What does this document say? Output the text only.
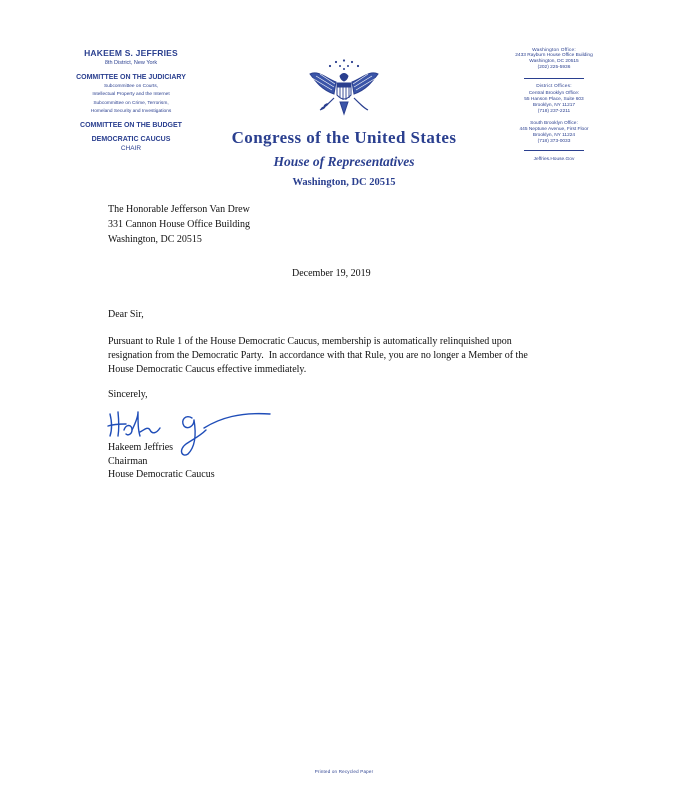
HAKEEM S. JEFFRIES
8th District, New York
COMMITTEE ON THE JUDICIARY
Subcommittee on Courts,
Intellectual Property and the Internet
Subcommittee on Crime, Terrorism,
Homeland Security and Investigations
COMMITTEE ON THE BUDGET
DEMOCRATIC CAUCUS
CHAIR
Washington Office:
2433 Rayburn House Office Building
Washington, DC 20515
(202) 225-5936
District Offices:
Central Brooklyn Office:
55 Hanson Place, Suite 603
Brooklyn, NY 11217
(718) 237-2211
South Brooklyn Office:
445 Neptune Avenue, First Floor
Brooklyn, NY 11224
(718) 373-0033
Jeffries.House.Gov
Congress of the United States
House of Representatives
Washington, DC 20515
The Honorable Jefferson Van Drew
331 Cannon House Office Building
Washington, DC 20515
December 19, 2019
Dear Sir,
Pursuant to Rule 1 of the House Democratic Caucus, membership is automatically relinquished upon
resignation from the Democratic Party.  In accordance with that Rule, you are no longer a Member of the
House Democratic Caucus effective immediately.
Sincerely,
Hakeem Jeffries
Chairman
House Democratic Caucus
Printed on Recycled Paper
